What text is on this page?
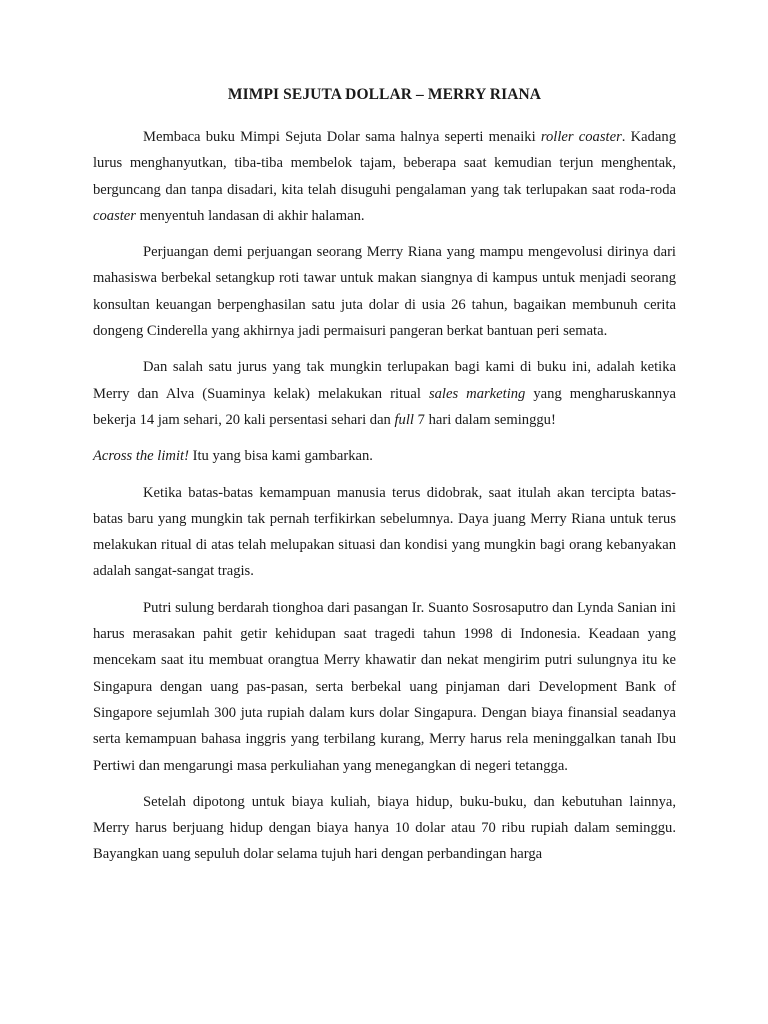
MIMPI SEJUTA DOLLAR – MERRY RIANA

Membaca buku Mimpi Sejuta Dolar sama halnya seperti menaiki roller coaster. Kadang lurus menghanyutkan, tiba-tiba membelok tajam, beberapa saat kemudian terjun menghentak, berguncang dan tanpa disadari, kita telah disuguhi pengalaman yang tak terlupakan saat roda-roda coaster menyentuh landasan di akhir halaman.

Perjuangan demi perjuangan seorang Merry Riana yang mampu mengevolusi dirinya dari mahasiswa berbekal setangkup roti tawar untuk makan siangnya di kampus untuk menjadi seorang konsultan keuangan berpenghasilan satu juta dolar di usia 26 tahun, bagaikan membunuh cerita dongeng Cinderella yang akhirnya jadi permaisuri pangeran berkat bantuan peri semata.

Dan salah satu jurus yang tak mungkin terlupakan bagi kami di buku ini, adalah ketika Merry dan Alva (Suaminya kelak) melakukan ritual sales marketing yang mengharuskannya bekerja 14 jam sehari, 20 kali persentasi sehari dan full 7 hari dalam seminggu!

Across the limit! Itu yang bisa kami gambarkan.

Ketika batas-batas kemampuan manusia terus didobrak, saat itulah akan tercipta batas-batas baru yang mungkin tak pernah terfikirkan sebelumnya. Daya juang Merry Riana untuk terus melakukan ritual di atas telah melupakan situasi dan kondisi yang mungkin bagi orang kebanyakan adalah sangat-sangat tragis.

Putri sulung berdarah tionghoa dari pasangan Ir. Suanto Sosrosaputro dan Lynda Sanian ini harus merasakan pahit getir kehidupan saat tragedi tahun 1998 di Indonesia. Keadaan yang mencekam saat itu membuat orangtua Merry khawatir dan nekat mengirim putri sulungnya itu ke Singapura dengan uang pas-pasan, serta berbekal uang pinjaman dari Development Bank of Singapore sejumlah 300 juta rupiah dalam kurs dolar Singapura. Dengan biaya finansial seadanya serta kemampuan bahasa inggris yang terbilang kurang, Merry harus rela meninggalkan tanah Ibu Pertiwi dan mengarungi masa perkuliahan yang menegangkan di negeri tetangga.

Setelah dipotong untuk biaya kuliah, biaya hidup, buku-buku, dan kebutuhan lainnya, Merry harus berjuang hidup dengan biaya hanya 10 dolar atau 70 ribu rupiah dalam seminggu. Bayangkan uang sepuluh dolar selama tujuh hari dengan perbandingan harga
